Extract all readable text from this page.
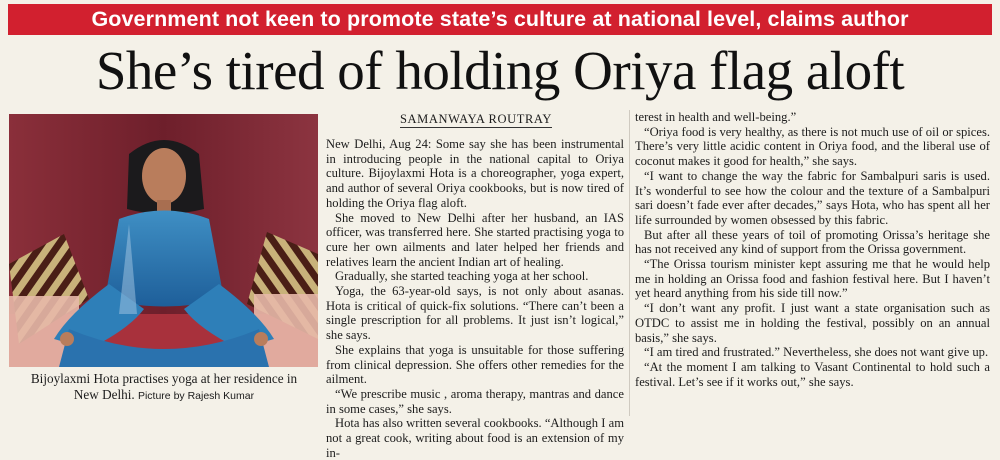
Government not keen to promote state’s culture at national level, claims author
She’s tired of holding Oriya flag aloft
Bijoylaxmi Hota practises yoga at her residence in
New Delhi. Picture by Rajesh Kumar
SAMANWAYA ROUTRAY

New Delhi, Aug 24: Some say she has been instrumental in introducing people in the national capital to Oriya culture. Bijoylaxmi Hota is a choreographer, yoga expert, and author of several Oriya cookbooks, but is now tired of holding the Oriya flag aloft.

She moved to New Delhi after her husband, an IAS officer, was transferred here. She started practising yoga to cure her own ailments and later helped her friends and relatives learn the ancient Indian art of healing.

Gradually, she started teaching yoga at her school.

Yoga, the 63-year-old says, is not only about asanas. Hota is critical of quick-fix solutions. “There can’t been a single prescription for all problems. It just isn’t logical,” she says.

She explains that yoga is unsuitable for those suffering from clinical depression. She offers other remedies for the ailment.

“We prescribe music , aroma therapy, mantras and dance in some cases,” she says.

Hota has also written several cookbooks. “Although I am not a great cook, writing about food is an extension of my in-

terest in health and well-being.”

“Oriya food is very healthy, as there is not much use of oil or spices. There’s very little acidic content in Oriya food, and the liberal use of coconut makes it good for health,” she says.

“I want to change the way the fabric for Sambalpuri saris is used. It’s wonderful to see how the colour and the texture of a Sambalpuri sari doesn’t fade ever after decades,” says Hota, who has spent all her life surrounded by women obsessed by this fabric.

But after all these years of toil of promoting Orissa’s heritage she has not received any kind of support from the Orissa government.

“The Orissa tourism minister kept assuring me that he would help me in holding an Orissa food and fashion festival here. But I haven’t yet heard anything from his side till now.”

“I don’t want any profit. I just want a state organisation such as OTDC to assist me in holding the festival, possibly on an annual basis,” she says.

“I am tired and frustrated.” Nevertheless, she does not want give up.

“At the moment I am talking to Vasant Continental to hold such a festival. Let’s see if it works out,” she says.
